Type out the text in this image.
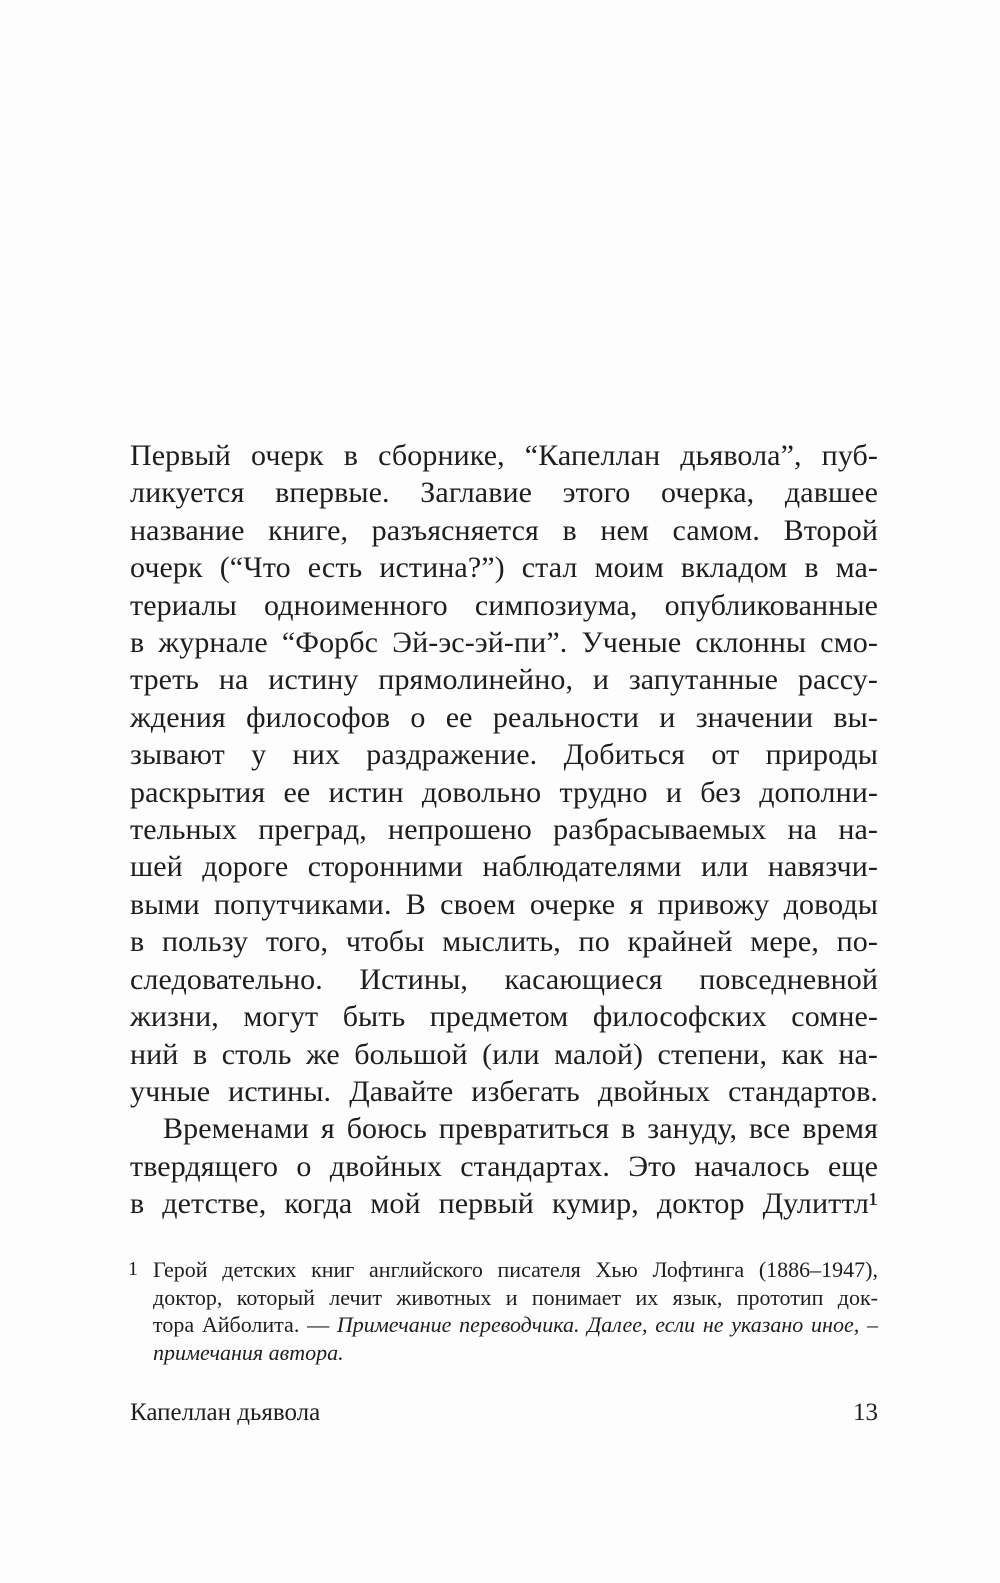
Первый очерк в сборнике, “Капеллан дьявола”, пуб-
ликуется впервые. Заглавие этого очерка, давшее
название книге, разъясняется в нем самом. Второй
очерк (“Что есть истина?”) стал моим вкладом в ма-
териалы одноименного симпозиума, опубликованные
в журнале “Форбс Эй-эс-эй-пи”. Ученые склонны смо-
треть на истину прямолинейно, и запутанные рассу-
ждения философов о ее реальности и значении вы-
зывают у них раздражение. Добиться от природы
раскрытия ее истин довольно трудно и без дополни-
тельных преград, непрошено разбрасываемых на на-
шей дороге сторонними наблюдателями или навязчи-
выми попутчиками. В своем очерке я привожу доводы
в пользу того, чтобы мыслить, по крайней мере, по-
следовательно. Истины, касающиеся повседневной
жизни, могут быть предметом философских сомне-
ний в столь же большой (или малой) степени, как на-
учные истины. Давайте избегать двойных стандартов.
Временами я боюсь превратиться в зануду, все время
твердящего о двойных стандартах. Это началось еще
в детстве, когда мой первый кумир, доктор Дулиттл¹
1 Герой детских книг английского писателя Хью Лофтинга (1886–1947),
доктор, который лечит животных и понимает их язык, прототип док-
тора Айболита. — Примечание переводчика. Далее, если не указано иное, –
примечания автора.
Капеллан дьявола	13
